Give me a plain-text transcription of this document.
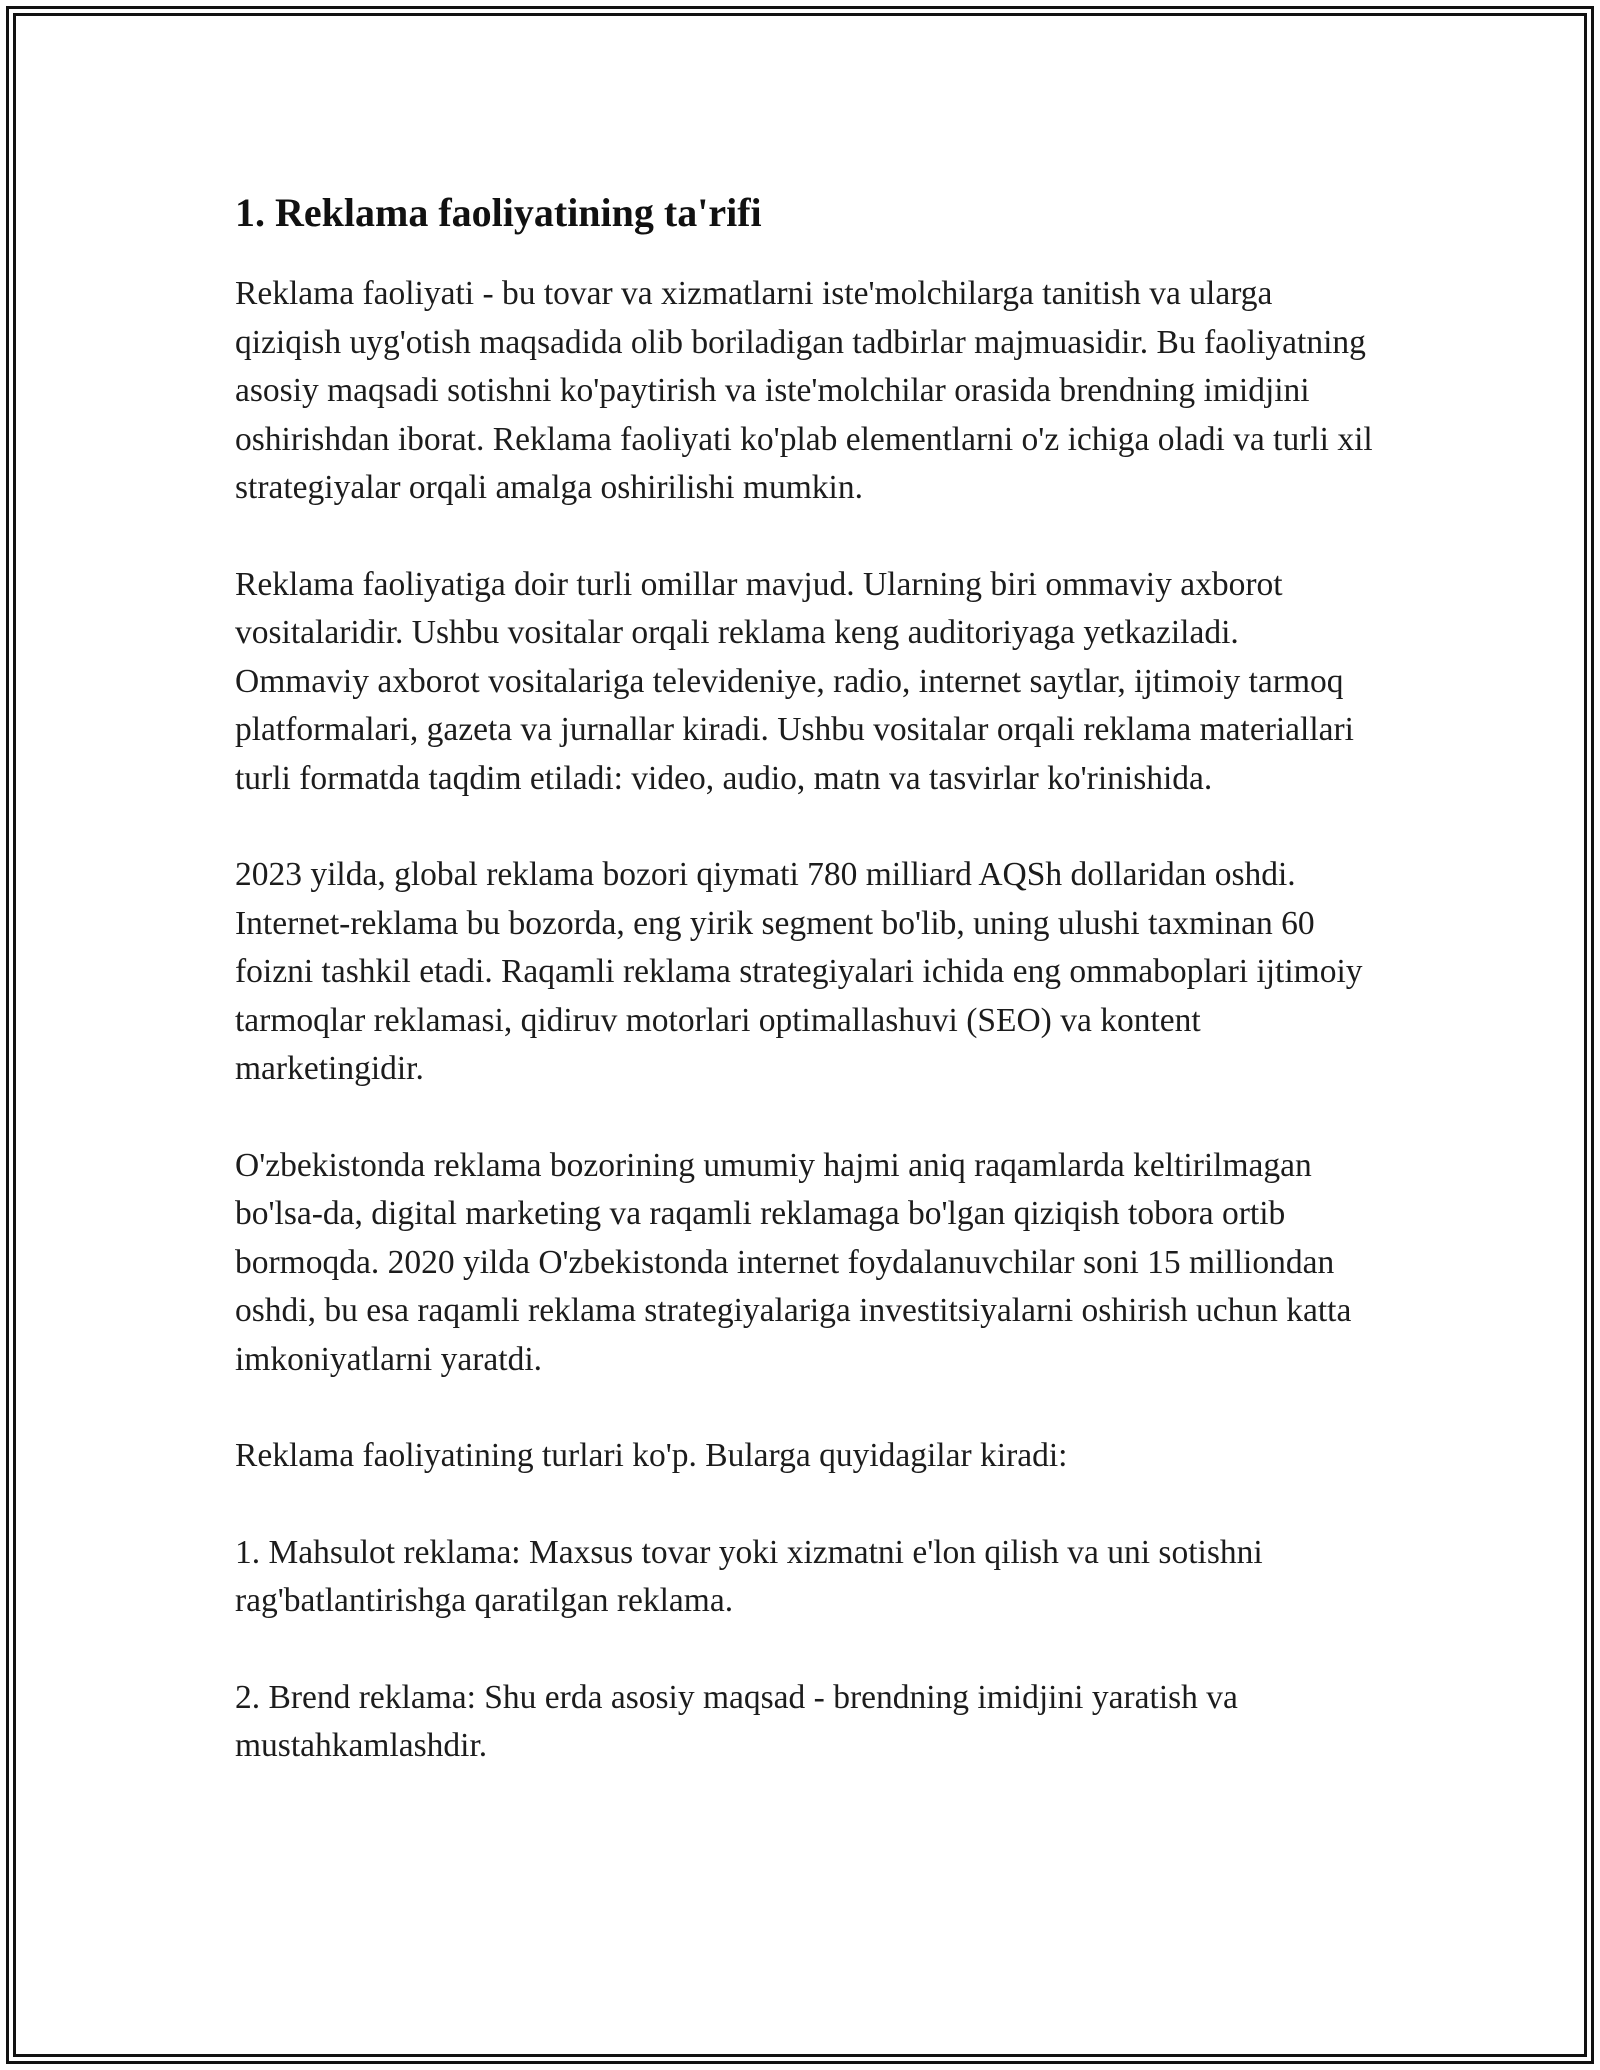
1. Reklama faoliyatining ta'rifi

Reklama faoliyati - bu tovar va xizmatlarni iste'molchilarga tanitish va ularga qiziqish uyg'otish maqsadida olib boriladigan tadbirlar majmuasidir. Bu faoliyatning asosiy maqsadi sotishni ko'paytirish va iste'molchilar orasida brendning imidjini oshirishdan iborat. Reklama faoliyati ko'plab elementlarni o'z ichiga oladi va turli xil strategiyalar orqali amalga oshirilishi mumkin.

Reklama faoliyatiga doir turli omillar mavjud. Ularning biri ommaviy axborot vositalaridir. Ushbu vositalar orqali reklama keng auditoriyaga yetkaziladi. Ommaviy axborot vositalariga televideniye, radio, internet saytlar, ijtimoiy tarmoq platformalari, gazeta va jurnallar kiradi. Ushbu vositalar orqali reklama materiallari turli formatda taqdim etiladi: video, audio, matn va tasvirlar ko'rinishida.

2023 yilda, global reklama bozori qiymati 780 milliard AQSh dollaridan oshdi. Internet-reklama bu bozorda, eng yirik segment bo'lib, uning ulushi taxminan 60 foizni tashkil etadi. Raqamli reklama strategiyalari ichida eng ommaboplari ijtimoiy tarmoqlar reklamasi, qidiruv motorlari optimallashuvi (SEO) va kontent marketingidir.

O'zbekistonda reklama bozorining umumiy hajmi aniq raqamlarda keltirilmagan bo'lsa-da, digital marketing va raqamli reklamaga bo'lgan qiziqish tobora ortib bormoqda. 2020 yilda O'zbekistonda internet foydalanuvchilar soni 15 milliondan oshdi, bu esa raqamli reklama strategiyalariga investitsiyalarni oshirish uchun katta imkoniyatlarni yaratdi.

Reklama faoliyatining turlari ko'p. Bularga quyidagilar kiradi:

1. Mahsulot reklama: Maxsus tovar yoki xizmatni e'lon qilish va uni sotishni rag'batlantirishga qaratilgan reklama.

2. Brend reklama: Shu erda asosiy maqsad - brendning imidjini yaratish va mustahkamlashdir.
